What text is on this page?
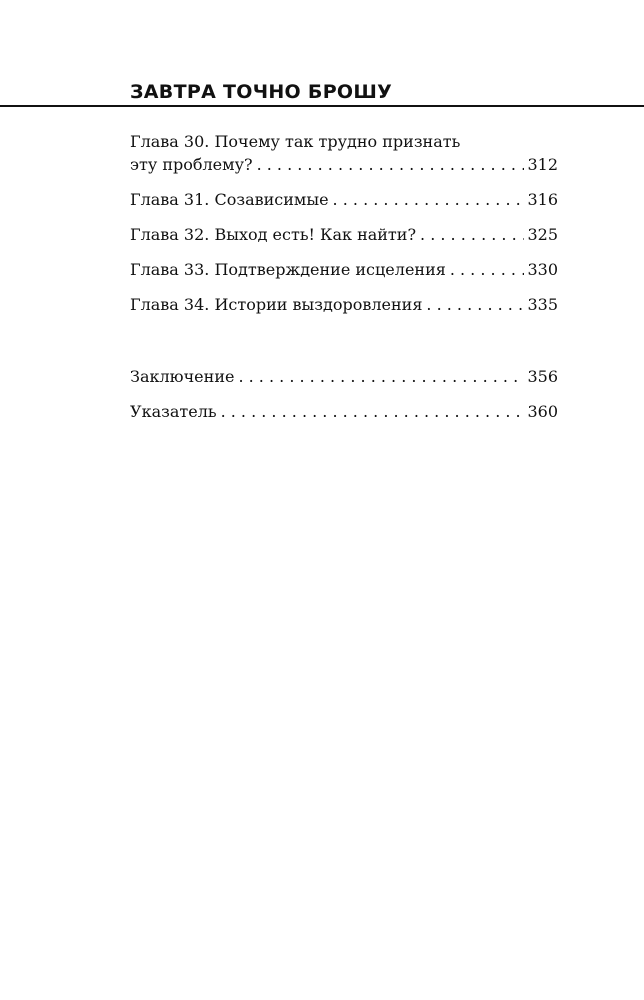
ЗАВТРА ТОЧНО БРОШУ
Глава 30. Почему так трудно признать
эту проблему? . . .	312
Глава 31. Созависимые . . .	316
Глава 32. Выход есть! Как найти? . . .	325
Глава 33. Подтверждение исцеления . . .	330
Глава 34. Истории выздоровления . . .	335
Заключение . . .	356
Указатель . . .	360
